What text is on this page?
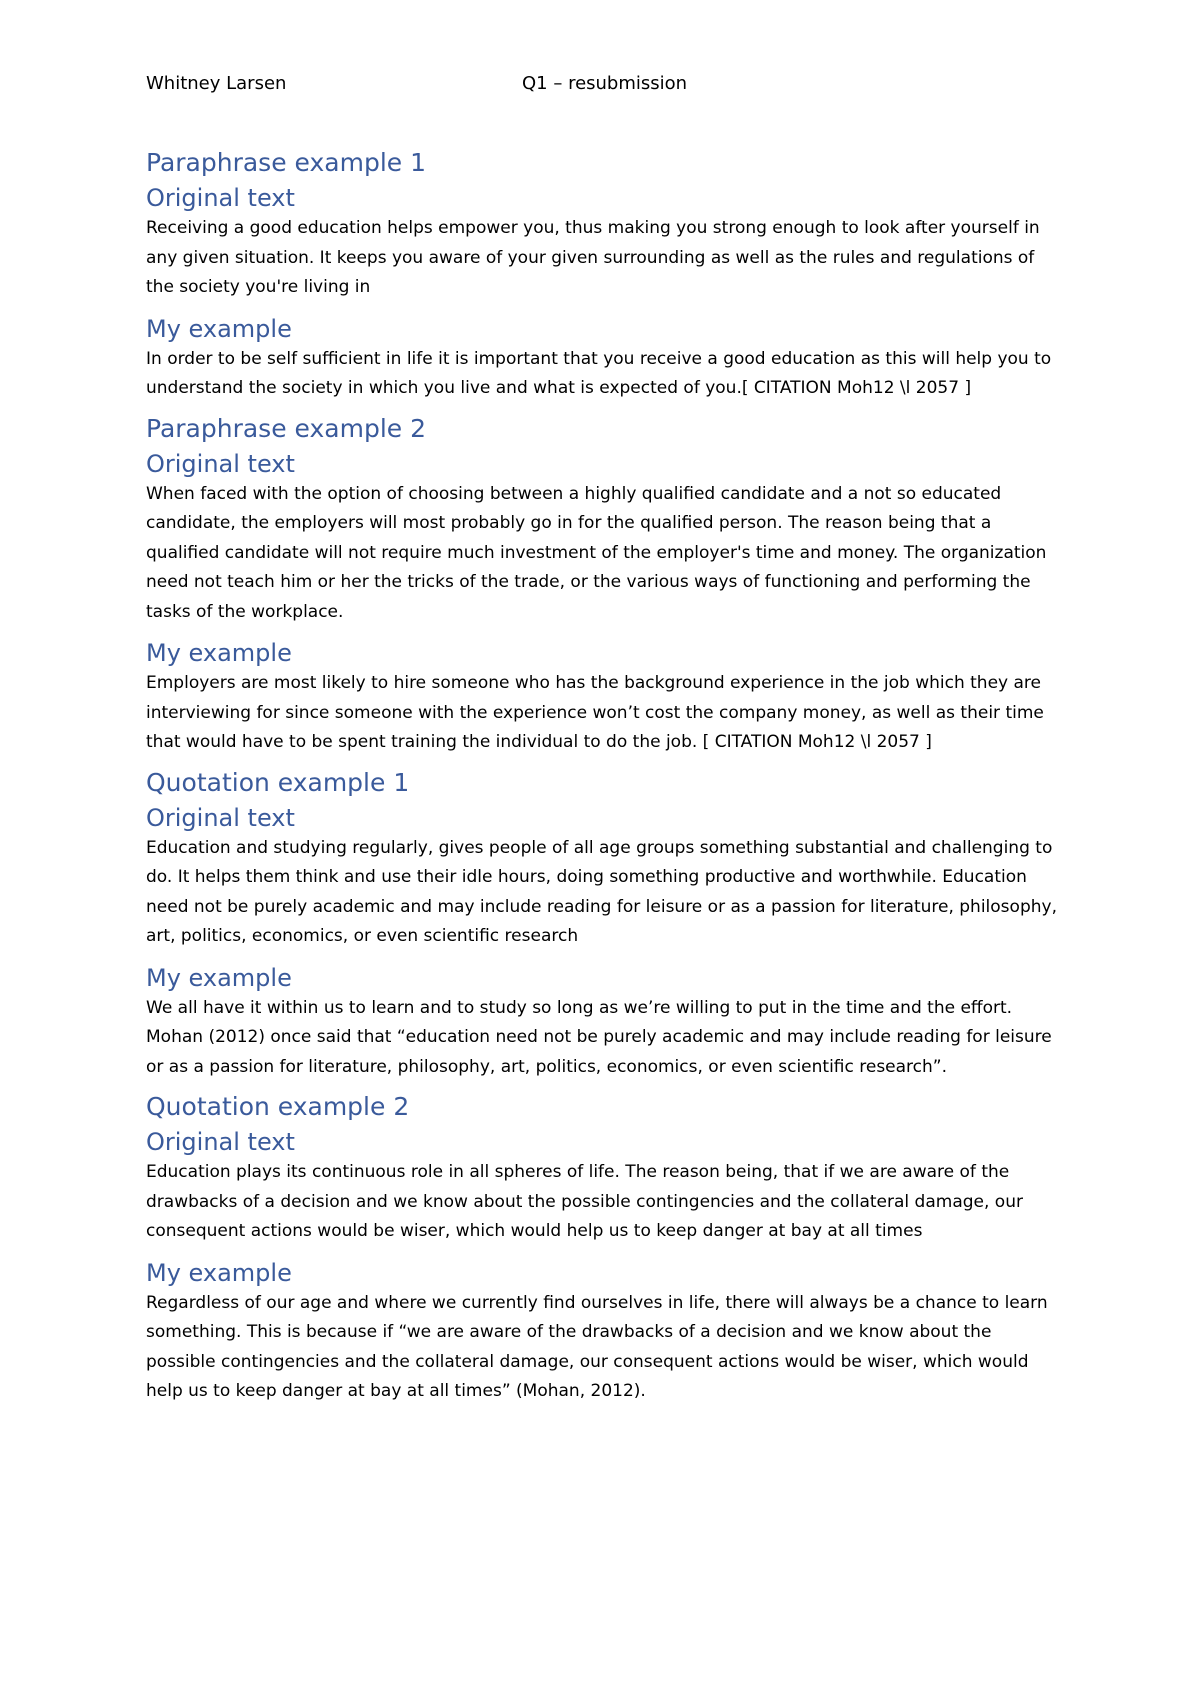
Whitney Larsen	Q1 – resubmission
Paraphrase example 1
Original text

Receiving a good education helps empower you, thus making you strong enough to look after yourself in any given situation. It keeps you aware of your given surrounding as well as the rules and regulations of the society you're living in

My example

In order to be self sufficient in life it is important that you receive a good education as this will help you to understand the society in which you live and what is expected of you.[ CITATION Moh12 \l 2057 ]

Paraphrase example 2
Original text

When faced with the option of choosing between a highly qualified candidate and a not so educated candidate, the employers will most probably go in for the qualified person. The reason being that a qualified candidate will not require much investment of the employer's time and money. The organization need not teach him or her the tricks of the trade, or the various ways of functioning and performing the tasks of the workplace.

My example

Employers are most likely to hire someone who has the background experience in the job which they are interviewing for since someone with the experience won’t cost the company money, as well as their time that would have to be spent training the individual to do the job. [ CITATION Moh12 \l 2057 ]

Quotation example 1
Original text

Education and studying regularly, gives people of all age groups something substantial and challenging to do. It helps them think and use their idle hours, doing something productive and worthwhile. Education need not be purely academic and may include reading for leisure or as a passion for literature, philosophy, art, politics, economics, or even scientific research

My example

We all have it within us to learn and to study so long as we’re willing to put in the time and the effort. Mohan (2012) once said that “education need not be purely academic and may include reading for leisure or as a passion for literature, philosophy, art, politics, economics, or even scientific research”.

Quotation example 2
Original text

Education plays its continuous role in all spheres of life. The reason being, that if we are aware of the drawbacks of a decision and we know about the possible contingencies and the collateral damage, our consequent actions would be wiser, which would help us to keep danger at bay at all times

My example

Regardless of our age and where we currently find ourselves in life, there will always be a chance to learn something. This is because if “we are aware of the drawbacks of a decision and we know about the possible contingencies and the collateral damage, our consequent actions would be wiser, which would help us to keep danger at bay at all times” (Mohan, 2012).
